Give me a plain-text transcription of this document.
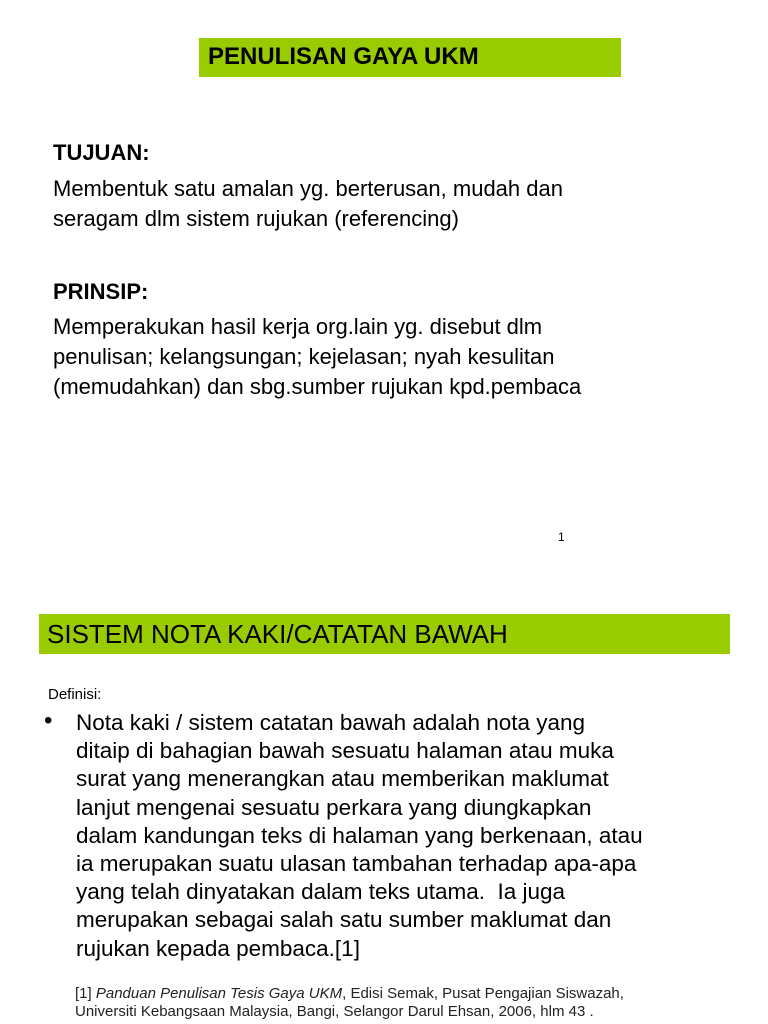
PENULISAN GAYA UKM
TUJUAN:
Membentuk satu amalan yg. berterusan, mudah dan
seragam dlm sistem rujukan (referencing)
PRINSIP:
Memperakukan hasil kerja org.lain yg. disebut dlm
penulisan; kelangsungan; kejelasan; nyah kesulitan
(memudahkan) dan sbg.sumber rujukan kpd.pembaca
1
SISTEM NOTA KAKI/CATATAN BAWAH
Definisi:
• Nota kaki / sistem catatan bawah adalah nota yang
ditaip di bahagian bawah sesuatu halaman atau muka
surat yang menerangkan atau memberikan maklumat
lanjut mengenai sesuatu perkara yang diungkapkan
dalam kandungan teks di halaman yang berkenaan, atau
ia merupakan suatu ulasan tambahan terhadap apa-apa
yang telah dinyatakan dalam teks utama.  Ia juga
merupakan sebagai salah satu sumber maklumat dan
rujukan kepada pembaca.[1]
[1] Panduan Penulisan Tesis Gaya UKM, Edisi Semak, Pusat Pengajian Siswazah,
Universiti Kebangsaan Malaysia, Bangi, Selangor Darul Ehsan, 2006, hlm 43 .
